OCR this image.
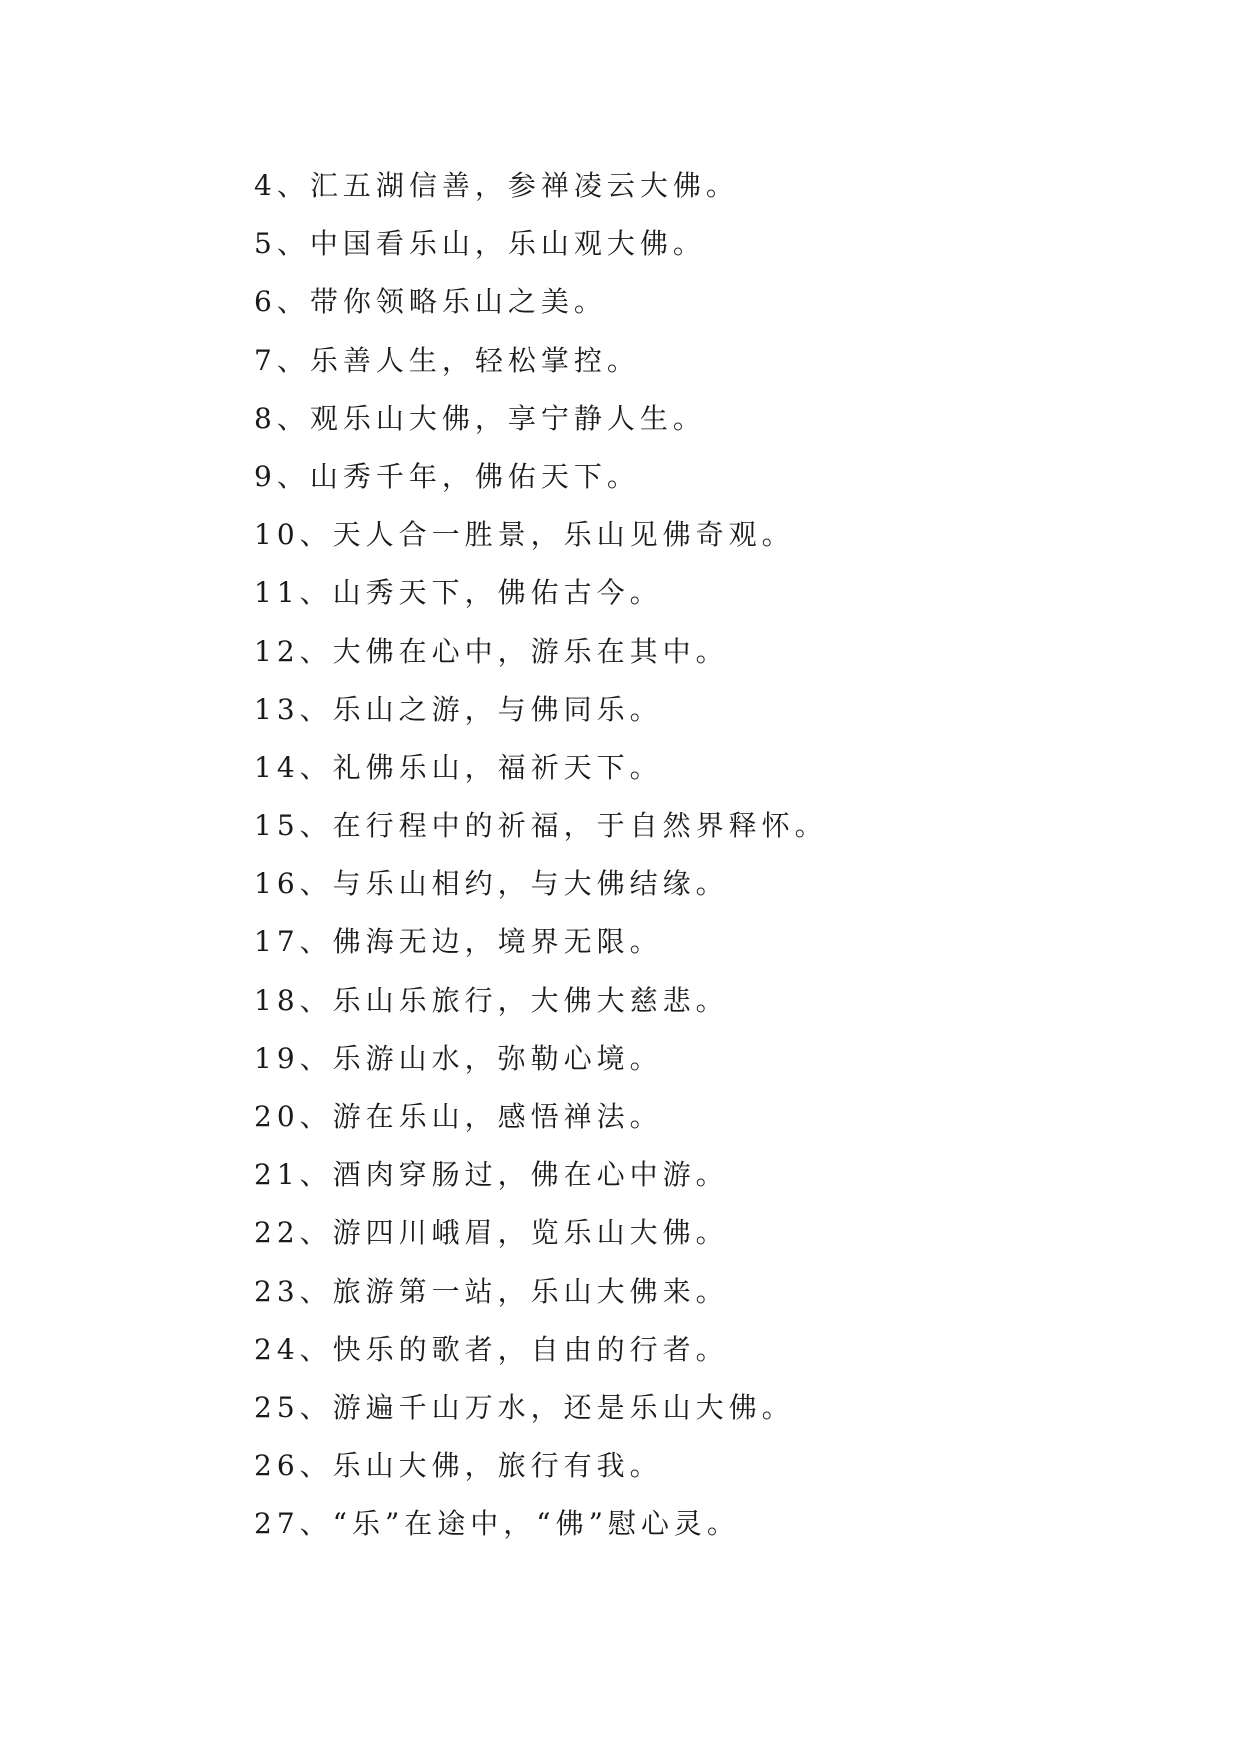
4、汇五湖信善，参禅凌云大佛。
5、中国看乐山，乐山观大佛。
6、带你领略乐山之美。
7、乐善人生，轻松掌控。
8、观乐山大佛，享宁静人生。
9、山秀千年，佛佑天下。
10、天人合一胜景，乐山见佛奇观。
11、山秀天下，佛佑古今。
12、大佛在心中，游乐在其中。
13、乐山之游，与佛同乐。
14、礼佛乐山，福祈天下。
15、在行程中的祈福，于自然界释怀。
16、与乐山相约，与大佛结缘。
17、佛海无边，境界无限。
18、乐山乐旅行，大佛大慈悲。
19、乐游山水，弥勒心境。
20、游在乐山，感悟禅法。
21、酒肉穿肠过，佛在心中游。
22、游四川峨眉，览乐山大佛。
23、旅游第一站，乐山大佛来。
24、快乐的歌者，自由的行者。
25、游遍千山万水，还是乐山大佛。
26、乐山大佛，旅行有我。
27、“乐”在途中，“佛”慰心灵。
